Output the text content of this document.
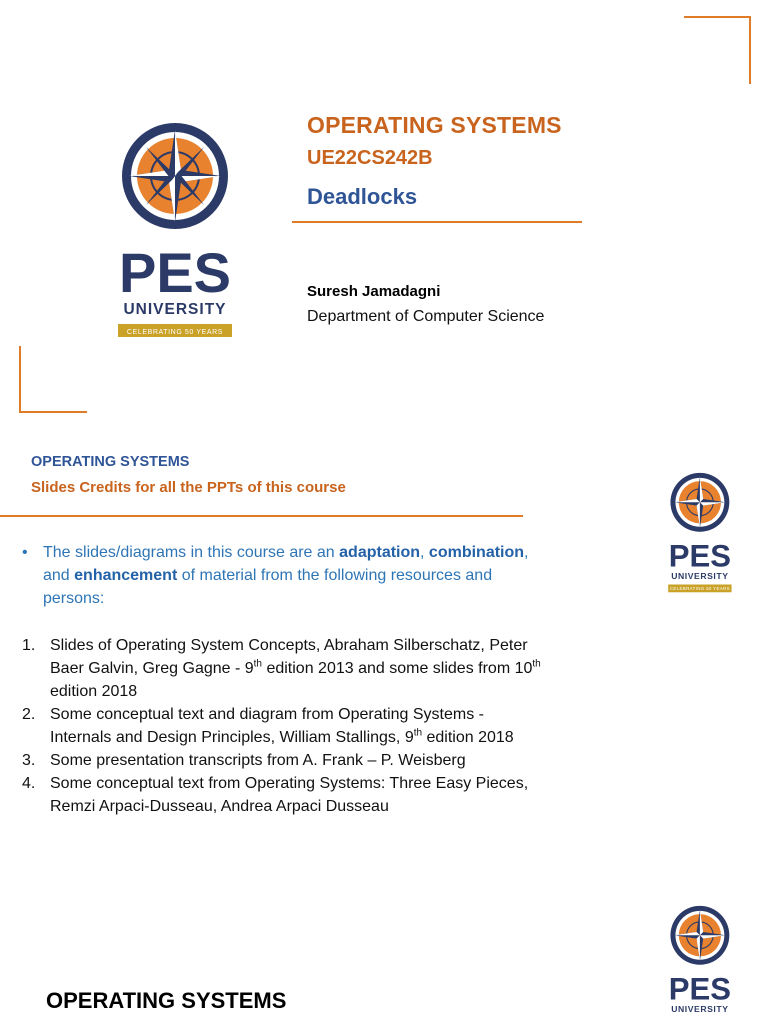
PES
UNIVERSITY
CELEBRATING 50 YEARS
OPERATING SYSTEMS
UE22CS242B
Deadlocks
Suresh Jamadagni
Department of Computer Science
OPERATING SYSTEMS
Slides Credits for all the PPTs of this course
PES
UNIVERSITY
CELEBRATING 50 YEARS
• The slides/diagrams in this course are an adaptation, combination, and enhancement of material from the following resources and persons:
1. Slides of Operating System Concepts, Abraham Silberschatz, Peter Baer Galvin, Greg Gagne - 9th edition 2013 and some slides from 10th edition 2018
2. Some conceptual text and diagram from Operating Systems - Internals and Design Principles, William Stallings, 9th edition 2018
3. Some presentation transcripts from A. Frank – P. Weisberg
4. Some conceptual text from Operating Systems: Three Easy Pieces, Remzi Arpaci-Dusseau, Andrea Arpaci Dusseau
PES
UNIVERSITY
OPERATING SYSTEMS
